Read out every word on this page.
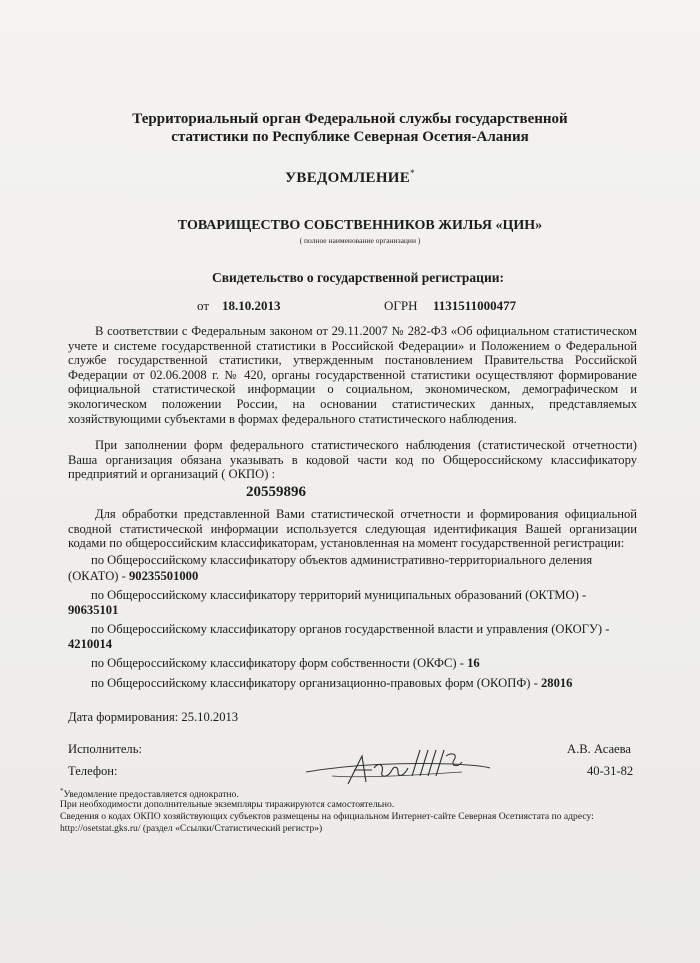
Территориальный орган Федеральной службы государственной
статистики по Республике Северная Осетия-Алания
УВЕДОМЛЕНИЕ*
ТОВАРИЩЕСТВО СОБСТВЕННИКОВ ЖИЛЬЯ «ЦИН»
( полное наименование организации )
Свидетельство о государственной регистрации:
от 18.10.2013	ОГРН 1131511000477
В соответствии с Федеральным законом от 29.11.2007 № 282-ФЗ «Об официальном статистическом учете и системе государственной статистики в Российской Федерации» и Положением о Федеральной службе государственной статистики, утвержденным постановлением Правительства Российской Федерации от 02.06.2008 г. № 420, органы государственной статистики осуществляют формирование официальной статистической информации о социальном, экономическом, демографическом и экологическом положении России, на основании статистических данных, представляемых хозяйствующими субъектами в формах федерального статистического наблюдения.
При заполнении форм федерального статистического наблюдения (статистической отчетности) Ваша организация обязана указывать в кодовой части код по Общероссийскому классификатору предприятий и организаций ( ОКПО) :
20559896
Для обработки представленной Вами статистической отчетности и формирования официальной сводной статистической информации используется следующая идентификация Вашей организации кодами по общероссийским классификаторам, установленная на момент государственной регистрации:
по Общероссийскому классификатору объектов административно-территориального деления
(ОКАТО) - 90235501000
по Общероссийскому классификатору территорий муниципальных образований (ОКТМО) -
90635101
по Общероссийскому классификатору органов государственной власти и управления (ОКОГУ) -
4210014
по Общероссийскому классификатору форм собственности (ОКФС) - 16
по Общероссийскому классификатору организационно-правовых форм (ОКОПФ) - 28016
Дата формирования: 25.10.2013
Исполнитель:	А.В. Асаева
Телефон:	40-31-82
*Уведомление предоставляется однократно.
При необходимости дополнительные экземпляры тиражируются самостоятельно.
Сведения о кодах ОКПО хозяйствующих субъектов размещены на официальном Интернет-сайте Северная Осетиястата по адресу:
http://osetstat.gks.ru/ (раздел «Ссылки/Статистический регистр»)
